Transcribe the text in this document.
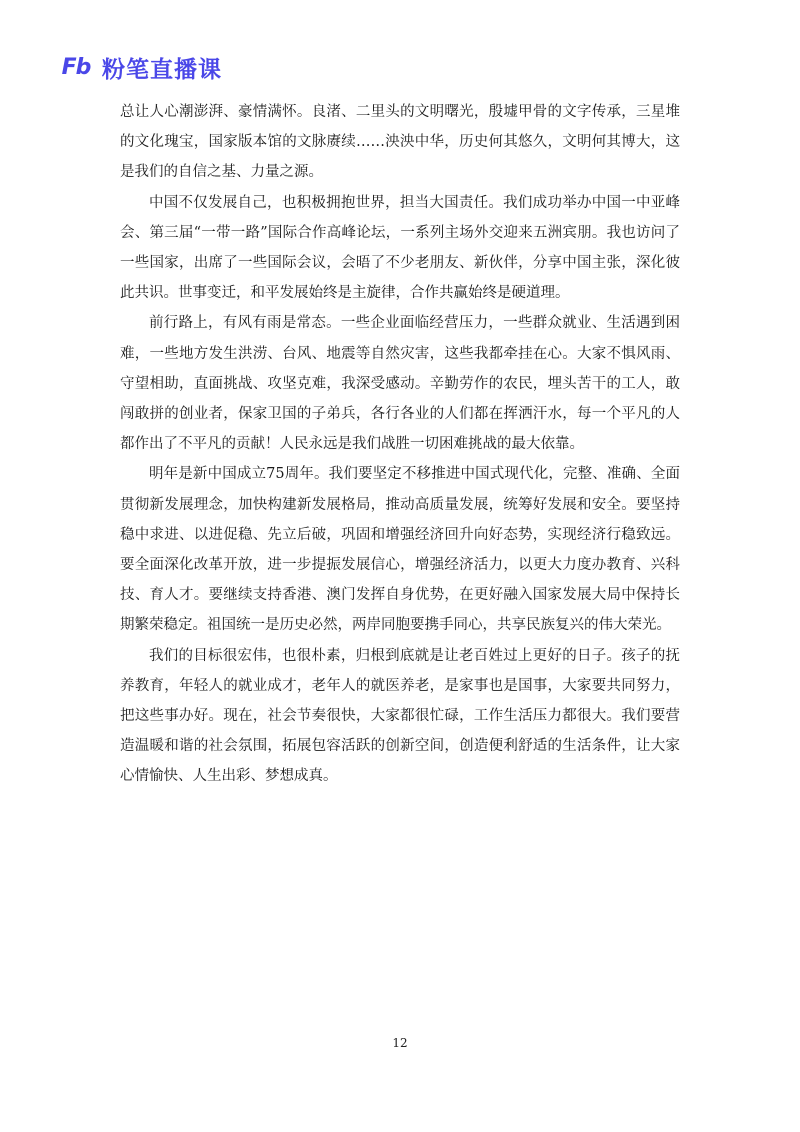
Fb 粉笔直播课

总让人心潮澎湃、豪情满怀。良渚、二里头的文明曙光，殷墟甲骨的文字传承，三星堆的文化瑰宝，国家版本馆的文脉赓续……泱泱中华，历史何其悠久，文明何其博大，这是我们的自信之基、力量之源。

中国不仅发展自己，也积极拥抱世界，担当大国责任。我们成功举办中国一中亚峰会、第三届“一带一路”国际合作高峰论坛，一系列主场外交迎来五洲宾朋。我也访问了一些国家，出席了一些国际会议，会晤了不少老朋友、新伙伴，分享中国主张，深化彼此共识。世事变迁，和平发展始终是主旋律，合作共赢始终是硬道理。

前行路上，有风有雨是常态。一些企业面临经营压力，一些群众就业、生活遇到困难，一些地方发生洪涝、台风、地震等自然灾害，这些我都牵挂在心。大家不惧风雨、守望相助，直面挑战、攻坚克难，我深受感动。辛勤劳作的农民，埋头苦干的工人，敢闯敢拼的创业者，保家卫国的子弟兵，各行各业的人们都在挥洒汗水，每一个平凡的人都作出了不平凡的贡献！人民永远是我们战胜一切困难挑战的最大依靠。

明年是新中国成立75周年。我们要坚定不移推进中国式现代化，完整、准确、全面贯彻新发展理念，加快构建新发展格局，推动高质量发展，统筹好发展和安全。要坚持稳中求进、以进促稳、先立后破，巩固和增强经济回升向好态势，实现经济行稳致远。要全面深化改革开放，进一步提振发展信心，增强经济活力，以更大力度办教育、兴科技、育人才。要继续支持香港、澳门发挥自身优势，在更好融入国家发展大局中保持长期繁荣稳定。祖国统一是历史必然，两岸同胞要携手同心，共享民族复兴的伟大荣光。

我们的目标很宏伟，也很朴素，归根到底就是让老百姓过上更好的日子。孩子的抚养教育，年轻人的就业成才，老年人的就医养老，是家事也是国事，大家要共同努力，把这些事办好。现在，社会节奏很快，大家都很忙碌，工作生活压力都很大。我们要营造温暖和谐的社会氛围，拓展包容活跃的创新空间，创造便利舒适的生活条件，让大家心情愉快、人生出彩、梦想成真。

12
